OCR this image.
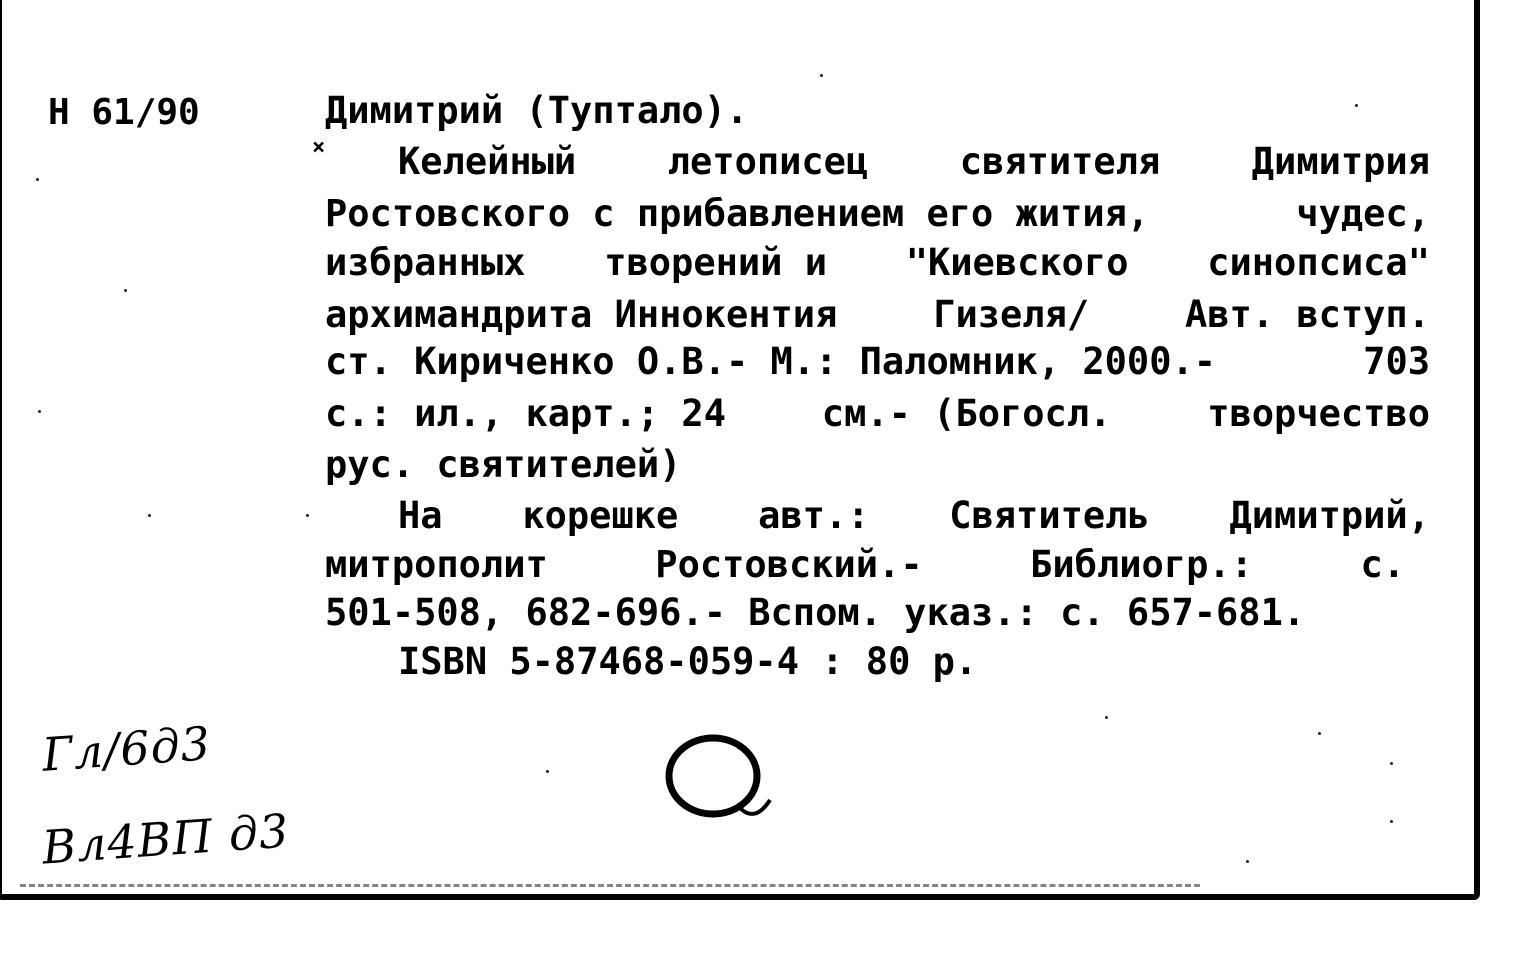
Н 61/90	Димитрий (Туптало).
× Келейный летописец святителя Димитрия
Ростовского с прибавлением его жития,	чудес,
избранных творений и "Киевского синопсиса"
архимандрита Иннокентия	Гизеля/	Авт. вступ.
ст. Кириченко О.В.- М.: Паломник, 2000.-	703
с.: ил., карт.; 24	см.- (Богосл.	творчество
рус. святителей)
На корешке авт.: Святитель Димитрий,
митрополит	Ростовский.-	Библиогр.:	с.
501-508, 682-696.- Вспом. указ.: с. 657-681.
ISBN 5-87468-059-4 : 80 р.
Гл/6д3
Вл4ВП д3
